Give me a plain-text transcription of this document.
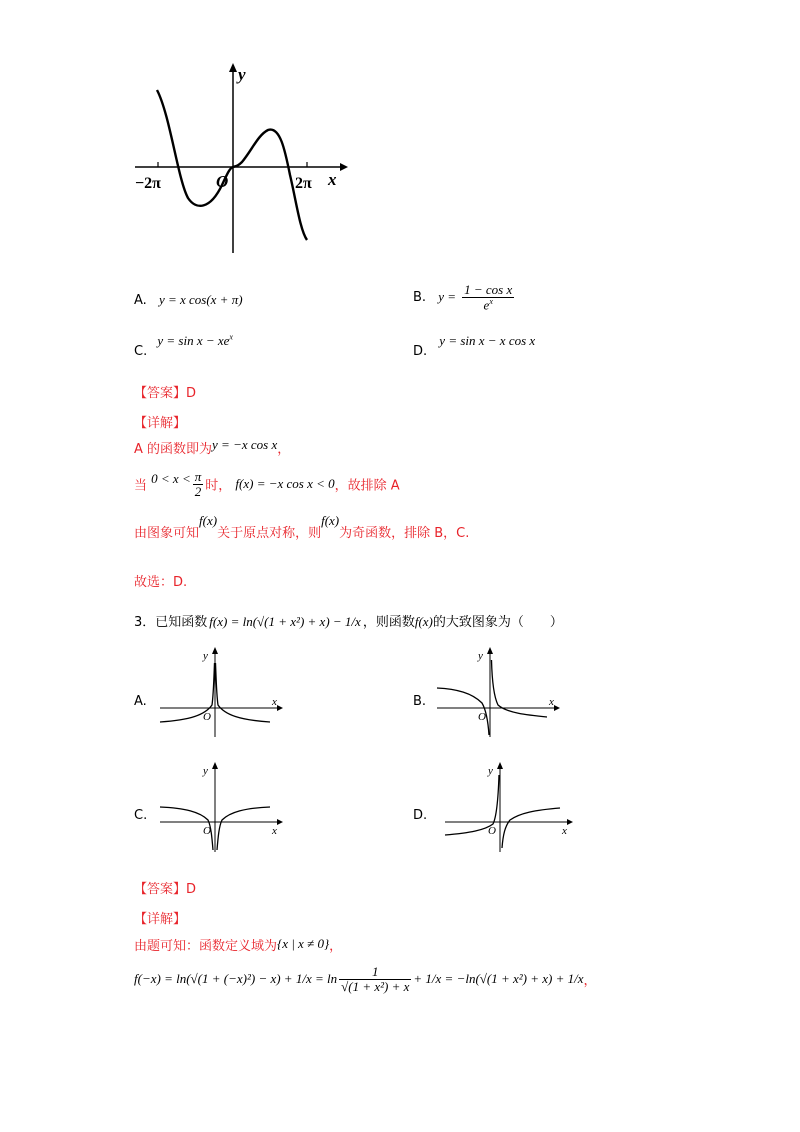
y
x
O
−2π	2π
A. y = x cos(x + π)	B. $y = \frac{\text{1 − cos x}}{e^x}$
C. $y = \sin x - xe^x$
D. y = sin x − x cos x
【答案】D
【详解】
A 的函数即为y = −x cos x，
当 $0 < x < \frac{\pi}{2}$ 时， f(x) = −x cos x < 0，故排除 A
由图象可知f(x)关于原点对称，则f(x)为奇函数，排除 B，C.
故选：D.
3．已知函数 f(x) = ln(√(1 + x²) + x) − 1/x ，则函数f(x)的大致图象为（　　）
A.
y
x
O
B.
y
x
O
C.
y
x
O
D.
y
x
O
【答案】D
【详解】
由题可知：函数定义域为{x | x ≠ 0}，
$f(-x) = \ln(√(1 + (-x)^2) - x) + 1/x = \ln \frac{1}{\text{√(1 + x²) + x}} + 1/x = -\ln(√(1 + x^2) + x) + 1/x$，
